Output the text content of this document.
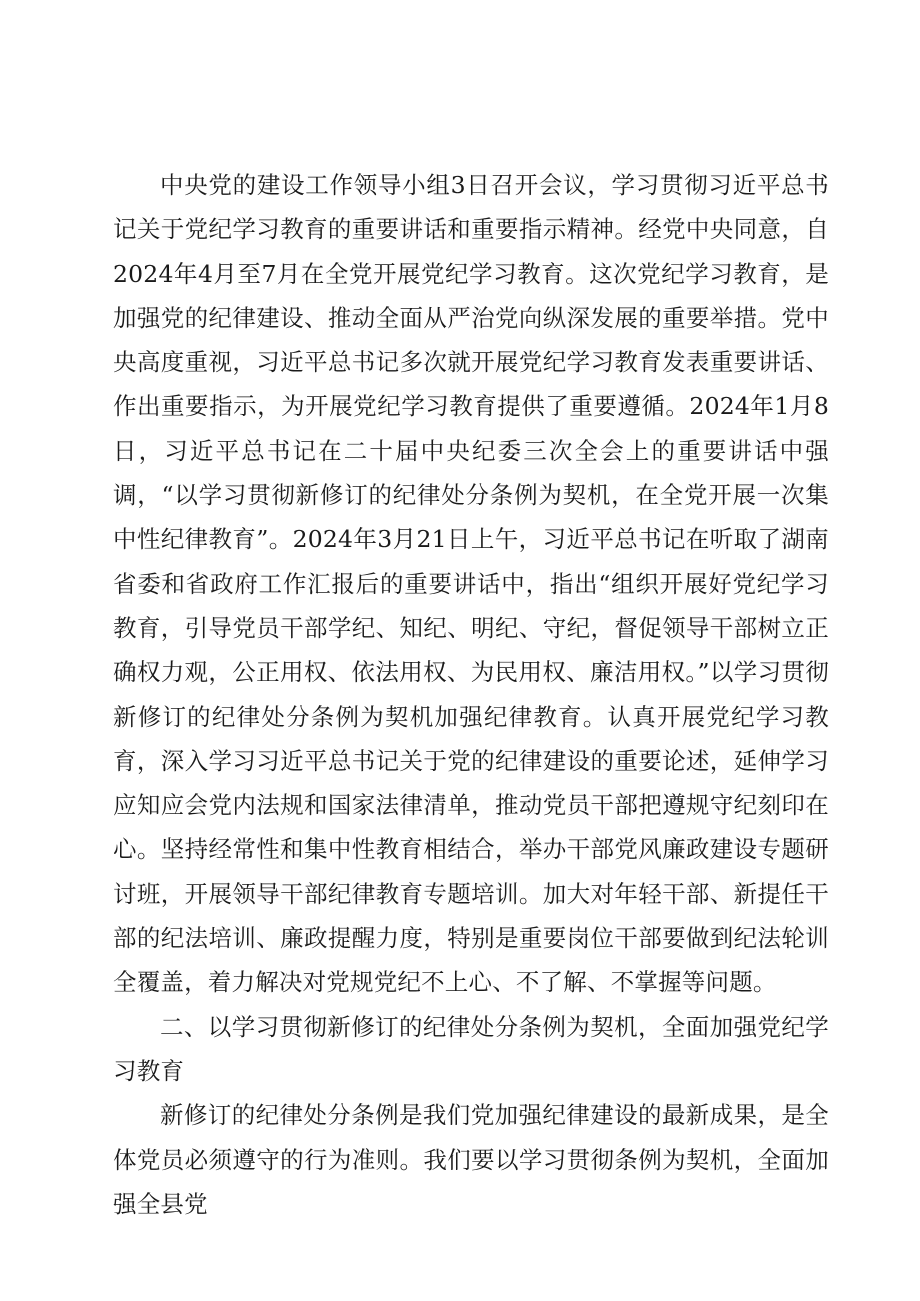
中央党的建设工作领导小组3日召开会议，学习贯彻习近平总书记关于党纪学习教育的重要讲话和重要指示精神。经党中央同意，自2024年4月至7月在全党开展党纪学习教育。这次党纪学习教育，是加强党的纪律建设、推动全面从严治党向纵深发展的重要举措。党中央高度重视，习近平总书记多次就开展党纪学习教育发表重要讲话、作出重要指示，为开展党纪学习教育提供了重要遵循。2024年1月8日，习近平总书记在二十届中央纪委三次全会上的重要讲话中强调，“以学习贯彻新修订的纪律处分条例为契机，在全党开展一次集中性纪律教育”。2024年3月21日上午，习近平总书记在听取了湖南省委和省政府工作汇报后的重要讲话中，指出“组织开展好党纪学习教育，引导党员干部学纪、知纪、明纪、守纪，督促领导干部树立正确权力观，公正用权、依法用权、为民用权、廉洁用权。”以学习贯彻新修订的纪律处分条例为契机加强纪律教育。认真开展党纪学习教育，深入学习习近平总书记关于党的纪律建设的重要论述，延伸学习应知应会党内法规和国家法律清单，推动党员干部把遵规守纪刻印在心。坚持经常性和集中性教育相结合，举办干部党风廉政建设专题研讨班，开展领导干部纪律教育专题培训。加大对年轻干部、新提任干部的纪法培训、廉政提醒力度，特别是重要岗位干部要做到纪法轮训全覆盖，着力解决对党规党纪不上心、不了解、不掌握等问题。

二、以学习贯彻新修订的纪律处分条例为契机，全面加强党纪学习教育

新修订的纪律处分条例是我们党加强纪律建设的最新成果，是全体党员必须遵守的行为准则。我们要以学习贯彻条例为契机，全面加强全县党
